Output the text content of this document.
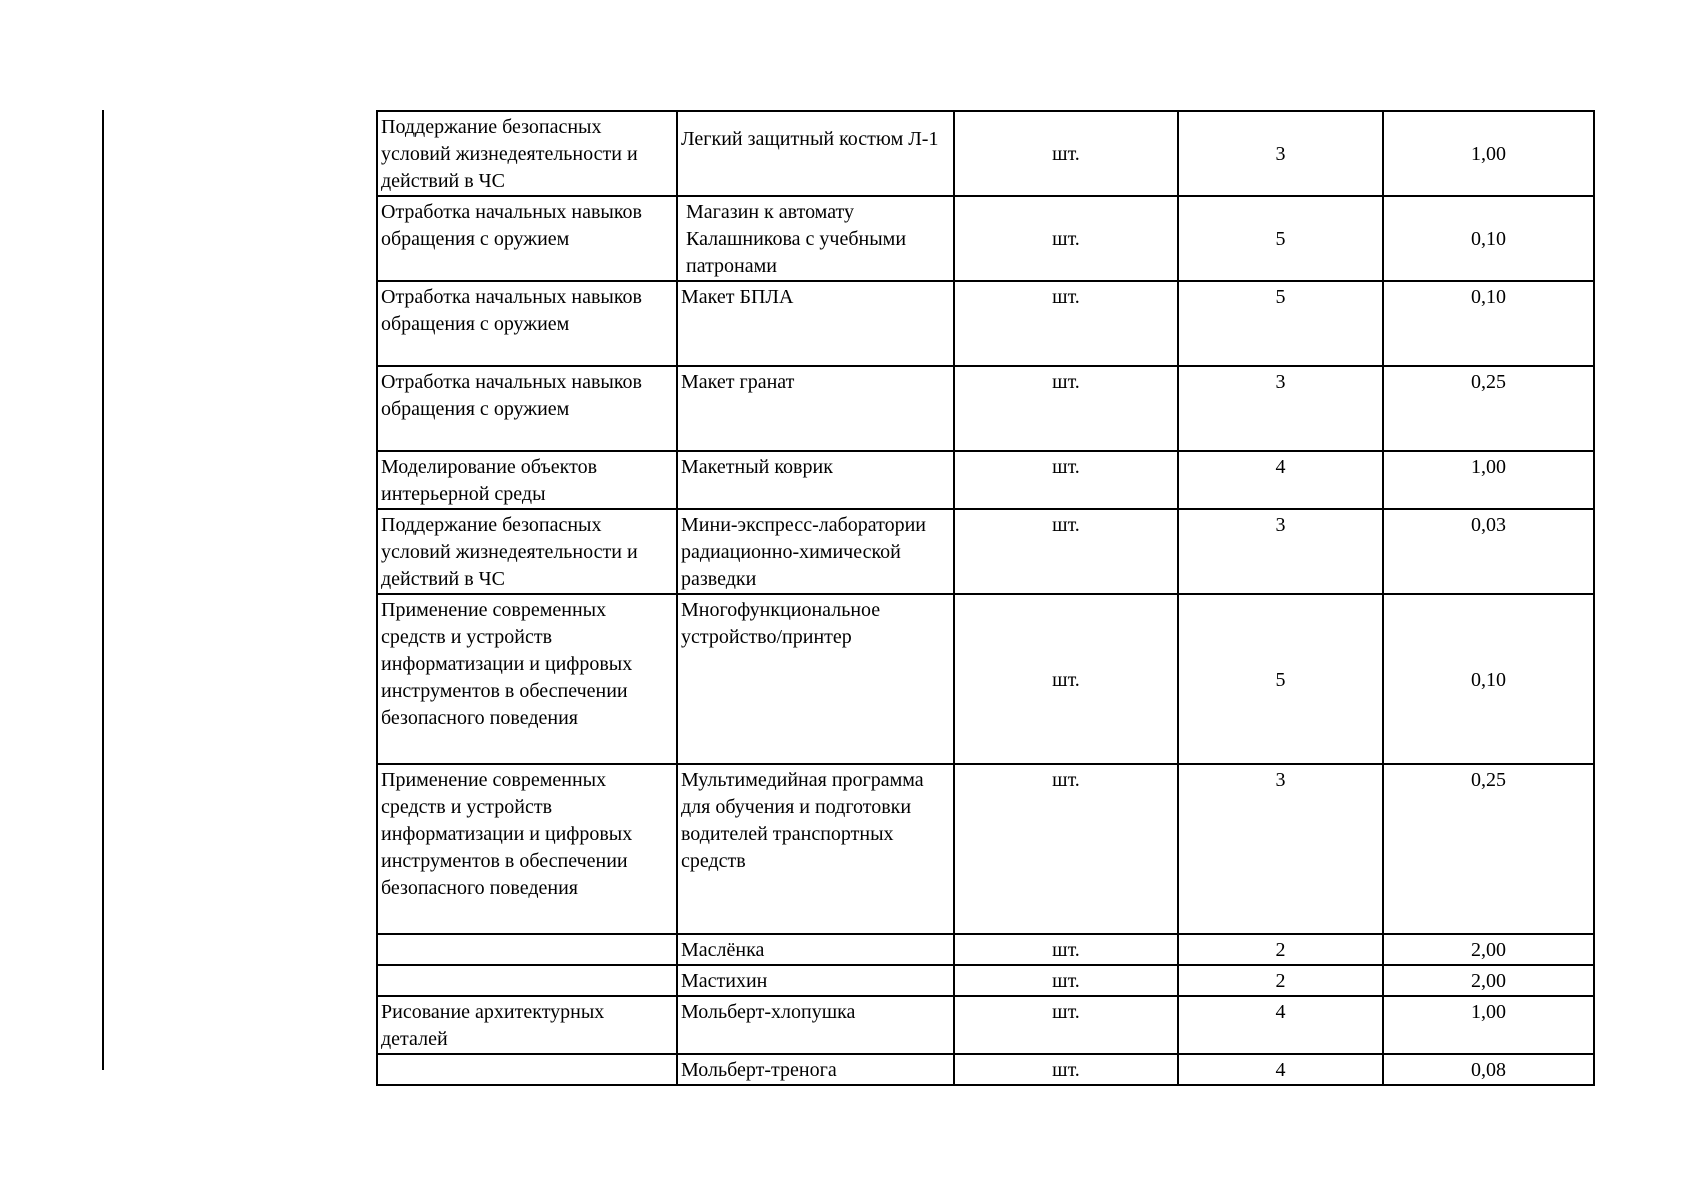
Поддержание безопасных условий жизнедеятельности и действий в ЧС	Легкий защитный костюм Л-1	шт.	3	1,00
Отработка начальных навыков обращения с оружием	Магазин к автомату Калашникова с учебными патронами	шт.	5	0,10
Отработка начальных навыков обращения с оружием	Макет БПЛА	шт.	5	0,10
Отработка начальных навыков обращения с оружием	Макет гранат	шт.	3	0,25
Моделирование объектов интерьерной среды	Макетный коврик	шт.	4	1,00
Поддержание безопасных условий жизнедеятельности и действий в ЧС	Мини-экспресс-лаборатории радиационно-химической разведки	шт.	3	0,03
Применение современных средств и устройств информатизации и цифровых инструментов в обеспечении безопасного поведения	Многофункциональное устройство/принтер	шт.	5	0,10
Применение современных средств и устройств информатизации и цифровых инструментов в обеспечении безопасного поведения	Мультимедийная программа для обучения и подготовки водителей транспортных средств	шт.	3	0,25
	Маслёнка	шт.	2	2,00
	Мастихин	шт.	2	2,00
Рисование архитектурных деталей	Мольберт-хлопушка	шт.	4	1,00
	Мольберт-тренога	шт.	4	0,08
